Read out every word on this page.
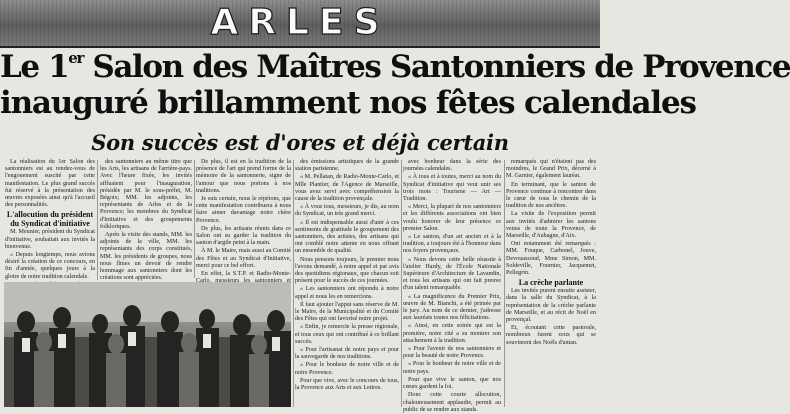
ARLES
Le 1er Salon des Maîtres Santonniers de Provence
inauguré brillamment nos fêtes calendales
Son succès est d'ores et déjà certain

La réalisation du 1er Salon des santonniers est au rendez-vous de l'engouement suscité par cette manifestation. Le plus grand succès fut réservé à la présentation des œuvres exposées ainsi qu'à l'accueil des personnalités.

L'allocution du président du Syndicat d'initiative

M. Meunier, président du Syndicat d'initiative, souhaitait aux invités la bienvenue.

« Depuis longtemps, nous avions désiré la création de ce concours, en fin d'année, quelques jours à la gloire de notre tradition calendale.

des santonniers au même titre que les Arts, les artisans de l'arrière-pays. Avec l'heure fixée, les invités affluaient pour l'inauguration, présidée par M. le sous-préfet, M. Bégoix; MM. les adjoints, les représentants de Arles et de la Provence; les membres du Syndicat d'Initiative et des groupements folkloriques.

Après la visite des stands, MM. les adjoints de la ville, MM. les représentants des corps constitués, MM. les présidents de groupes, nous nous fîmes un devoir de rendre hommage aux santonniers dont les créations sont appréciées.

De plus, il est en la tradition de la présence de l'art qui prend forme de la mémoire de la santonnerie, signe de l'amour que nous portons à nos traditions.

Je suis certain, nous le répétons, que cette manifestation contribuera à nous faire aimer davantage notre chère Provence.

De plus, les artisans réunis dans ce Salon ont su garder la tradition du santon d'argile peint à la main.

À M. le Maire, mais aussi au Comité des Fêtes et au Syndicat d'Initiative, merci pour ce bel effort.

En effet, la S.T.P. et Radio-Monte-

des émissions artistiques de la grande station parisienne.

« M. Pellatan, de Radio-Monte-Carlo, et Mlle Plantier, de l'Agence de Marseille, vous avez servi avec compréhension la cause de la tradition provençale.

« À vous tous, messieurs, je dis, au nom du Syndicat, un très grand merci.

« Il est indispensable aussi d'unir à ces sentiments de gratitude le groupement des santonniers, des artistes, des artisans qui ont comblé notre attente en nous offrant un ensemble de qualité.

Nous pensons toujours, le premier nous l'avons demandé, à notre appel et par avis des quotidiens régionaux, que chacun soit présent pour le succès de ces journées.

« Les santonniers ont répondu à notre appel et nous les en remercions.

Il faut ajouter l'appui sans réserve de M. le Maire, de la Municipalité et du Comité des Fêtes qui ont favorisé notre projet.

« Enfin, je remercie la presse régionale, et tous ceux qui ont contribué à ce brillant succès.

« Pour l'artisanat de notre pays et pour la sauvegarde de nos traditions.

« Pour le bonheur de notre ville et de notre Provence.

Pour que vive, avec le concours de tous, la Provence aux Arts et aux Lettres.

avec bonheur dans la série des journées calendales.

« À tous et à toutes, merci au nom du Syndicat d'initiative qui veut unir ses trois mots : Tourisme — Art — Tradition.

« Merci, la plupart de nos santonniers et les différents associations ont bien voulu honorer de leur présence ce premier Salon.

« Le santon, d'un art ancien et à la tradition, a toujours été à l'honneur dans nos foyers provençaux.

« Nous devons cette belle réussite à l'atelier Hardy, de l'École Nationale Supérieure d'Architecture de Lavandin, et tous les artisans qui ont fait preuve d'un talent remarquable.

« La magnificence du Premier Prix, œuvre de M. Bianchi, a été primée par le jury. Au nom de ce dernier, j'adresse aux lauréats toutes nos félicitations.

« Ainsi, en cette soirée qui est la première, notre cité a su montrer son attachement à la tradition.

« Pour l'avenir de nos santonniers et pour la beauté de notre Provence.

« Pour le bonheur de notre ville et de notre pays.

Pour que vive le santon, que nos cœurs gardent la foi.

Donc cette courte allocution, chaleureusement applaudie, permit au public de se rendre aux stands.

remarqués qui n'étaient pas des moindres, le Grand Prix, décerné à M. Garnier, également lauréat.

En terminant, que le santon de Provence continue à rencontrer dans le cœur de tous le chemin de la tradition de nos ancêtres.

La visite de l'exposition permit aux invités d'admirer les santons venus de toute la Provence, de Marseille, d'Aubagne, d'Aix.

Ont notamment été remarqués : MM. Fouque, Carbonel, Jouve, Devouassoud, Mme Simon, MM. Soldeville, Fournier, Jacquemet, Pellegrin.

La crèche parlante

Les invités purent ensuite assister, dans la salle du Syndicat, à la représentation de la crèche parlante de Marseille, et au récit de Noël en provençal.

Et, écoutant cette pastorale, nombreux furent ceux qui se souvinrent des Noëls d'antan.
